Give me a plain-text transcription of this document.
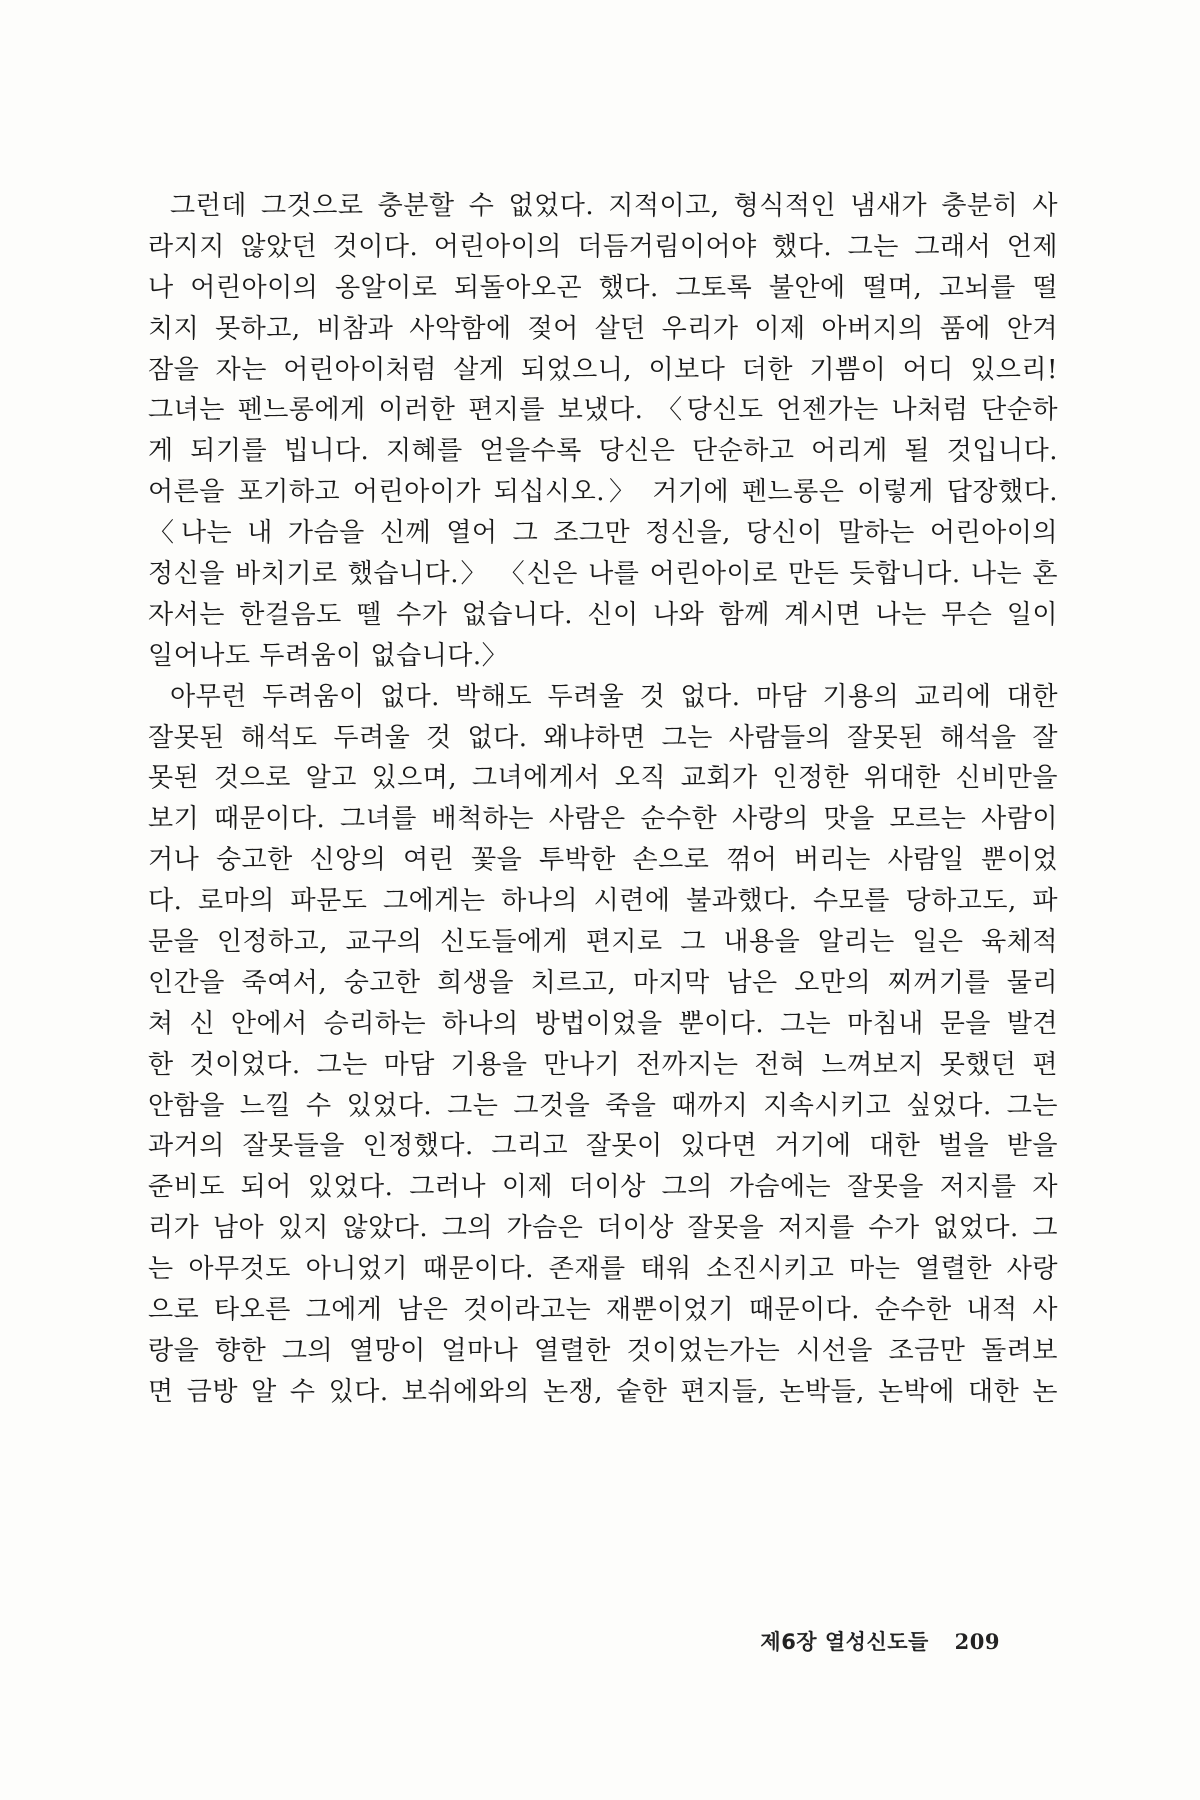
그런데 그것으로 충분할 수 없었다. 지적이고, 형식적인 냄새가 충분히 사
라지지 않았던 것이다. 어린아이의 더듬거림이어야 했다. 그는 그래서 언제
나 어린아이의 옹알이로 되돌아오곤 했다. 그토록 불안에 떨며, 고뇌를 떨
치지 못하고, 비참과 사악함에 젖어 살던 우리가 이제 아버지의 품에 안겨
잠을 자는 어린아이처럼 살게 되었으니, 이보다 더한 기쁨이 어디 있으리!
그녀는 펜느롱에게 이러한 편지를 보냈다. 〈당신도 언젠가는 나처럼 단순하
게 되기를 빕니다. 지혜를 얻을수록 당신은 단순하고 어리게 될 것입니다.
어른을 포기하고 어린아이가 되십시오.〉 거기에 펜느롱은 이렇게 답장했다.
〈나는 내 가슴을 신께 열어 그 조그만 정신을, 당신이 말하는 어린아이의
정신을 바치기로 했습니다.〉 〈신은 나를 어린아이로 만든 듯합니다. 나는 혼
자서는 한걸음도 뗄 수가 없습니다. 신이 나와 함께 계시면 나는 무슨 일이
일어나도 두려움이 없습니다.〉
아무런 두려움이 없다. 박해도 두려울 것 없다. 마담 기용의 교리에 대한
잘못된 해석도 두려울 것 없다. 왜냐하면 그는 사람들의 잘못된 해석을 잘
못된 것으로 알고 있으며, 그녀에게서 오직 교회가 인정한 위대한 신비만을
보기 때문이다. 그녀를 배척하는 사람은 순수한 사랑의 맛을 모르는 사람이
거나 숭고한 신앙의 여린 꽃을 투박한 손으로 꺾어 버리는 사람일 뿐이었
다. 로마의 파문도 그에게는 하나의 시련에 불과했다. 수모를 당하고도, 파
문을 인정하고, 교구의 신도들에게 편지로 그 내용을 알리는 일은 육체적
인간을 죽여서, 숭고한 희생을 치르고, 마지막 남은 오만의 찌꺼기를 물리
쳐 신 안에서 승리하는 하나의 방법이었을 뿐이다. 그는 마침내 문을 발견
한 것이었다. 그는 마담 기용을 만나기 전까지는 전혀 느껴보지 못했던 편
안함을 느낄 수 있었다. 그는 그것을 죽을 때까지 지속시키고 싶었다. 그는
과거의 잘못들을 인정했다. 그리고 잘못이 있다면 거기에 대한 벌을 받을
준비도 되어 있었다. 그러나 이제 더이상 그의 가슴에는 잘못을 저지를 자
리가 남아 있지 않았다. 그의 가슴은 더이상 잘못을 저지를 수가 없었다. 그
는 아무것도 아니었기 때문이다. 존재를 태워 소진시키고 마는 열렬한 사랑
으로 타오른 그에게 남은 것이라고는 재뿐이었기 때문이다. 순수한 내적 사
랑을 향한 그의 열망이 얼마나 열렬한 것이었는가는 시선을 조금만 돌려보
면 금방 알 수 있다. 보쉬에와의 논쟁, 숱한 편지들, 논박들, 논박에 대한 논
제6장 열성신도들 209
